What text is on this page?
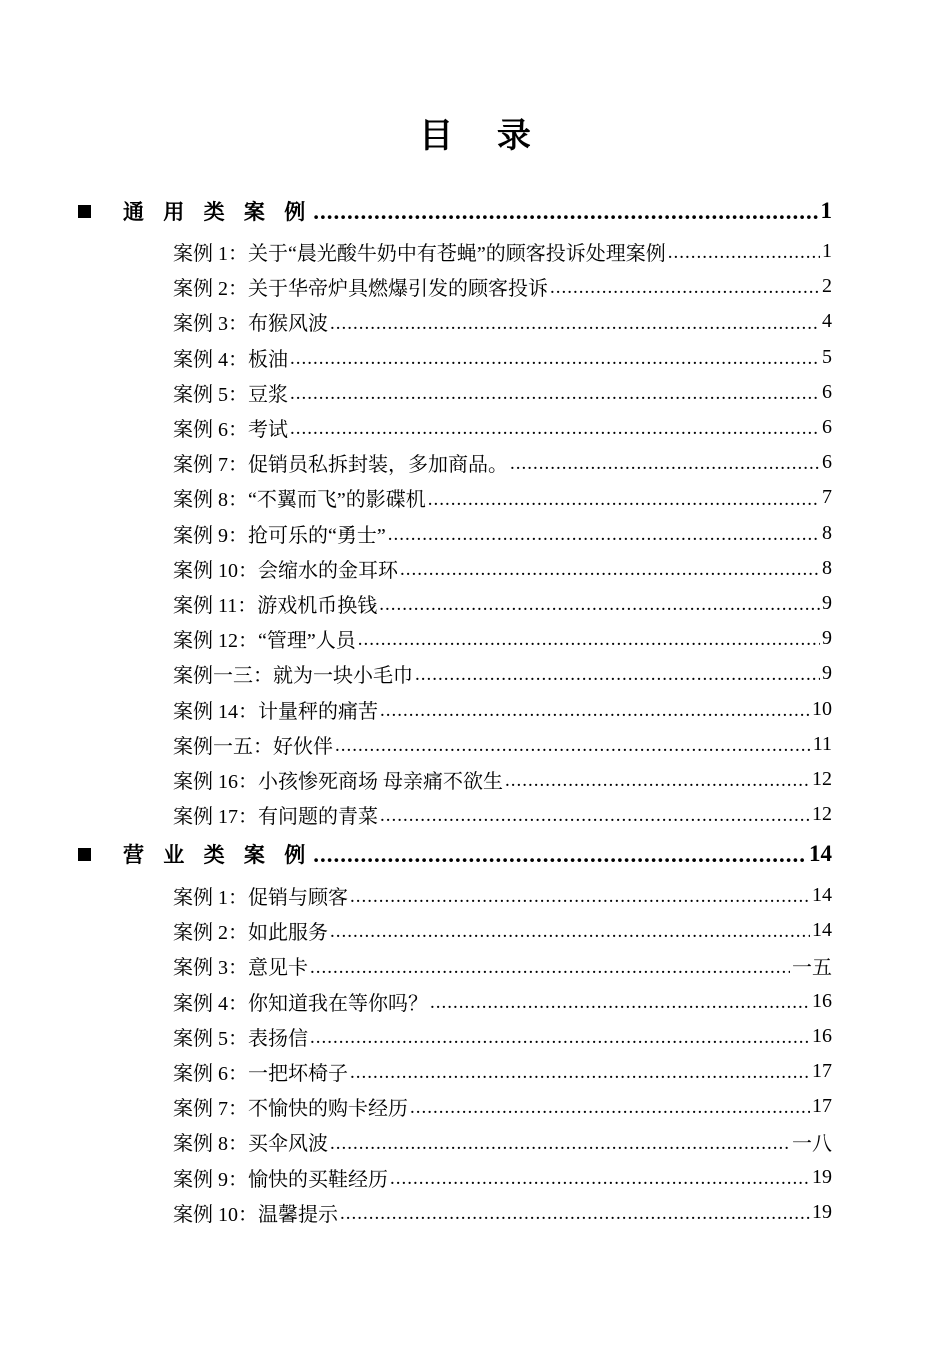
目 录
通 用 类 案 例 .....	1
案例 1：关于“晨光酸牛奶中有苍蝇”的顾客投诉处理案例 .....	1
案例 2：关于华帝炉具燃爆引发的顾客投诉 .....	2
案例 3：布猴风波 .....	4
案例 4：板油 .....	5
案例 5：豆浆 .....	6
案例 6：考试 .....	6
案例 7：促销员私拆封装，多加商品。 .....	6
案例 8：“不翼而飞”的影碟机 .....	7
案例 9：抢可乐的“勇士” .....	8
案例 10：会缩水的金耳环 .....	8
案例 11：游戏机币换钱 .....	9
案例 12：“管理”人员 .....	9
案例一三：就为一块小毛巾 .....	9
案例 14：计量秤的痛苦 .....	10
案例一五：好伙伴 .....	11
案例 16：小孩惨死商场 母亲痛不欲生 .....	12
案例 17：有问题的青菜 .....	12
营 业 类 案 例 .....	14
案例 1：促销与顾客 .....	14
案例 2：如此服务 .....	14
案例 3：意见卡 .....	一五
案例 4：你知道我在等你吗？ .....	16
案例 5：表扬信 .....	16
案例 6：一把坏椅子 .....	17
案例 7：不愉快的购卡经历 .....	17
案例 8：买伞风波 .....	一八
案例 9：愉快的买鞋经历 .....	19
案例 10：温馨提示 .....	19
